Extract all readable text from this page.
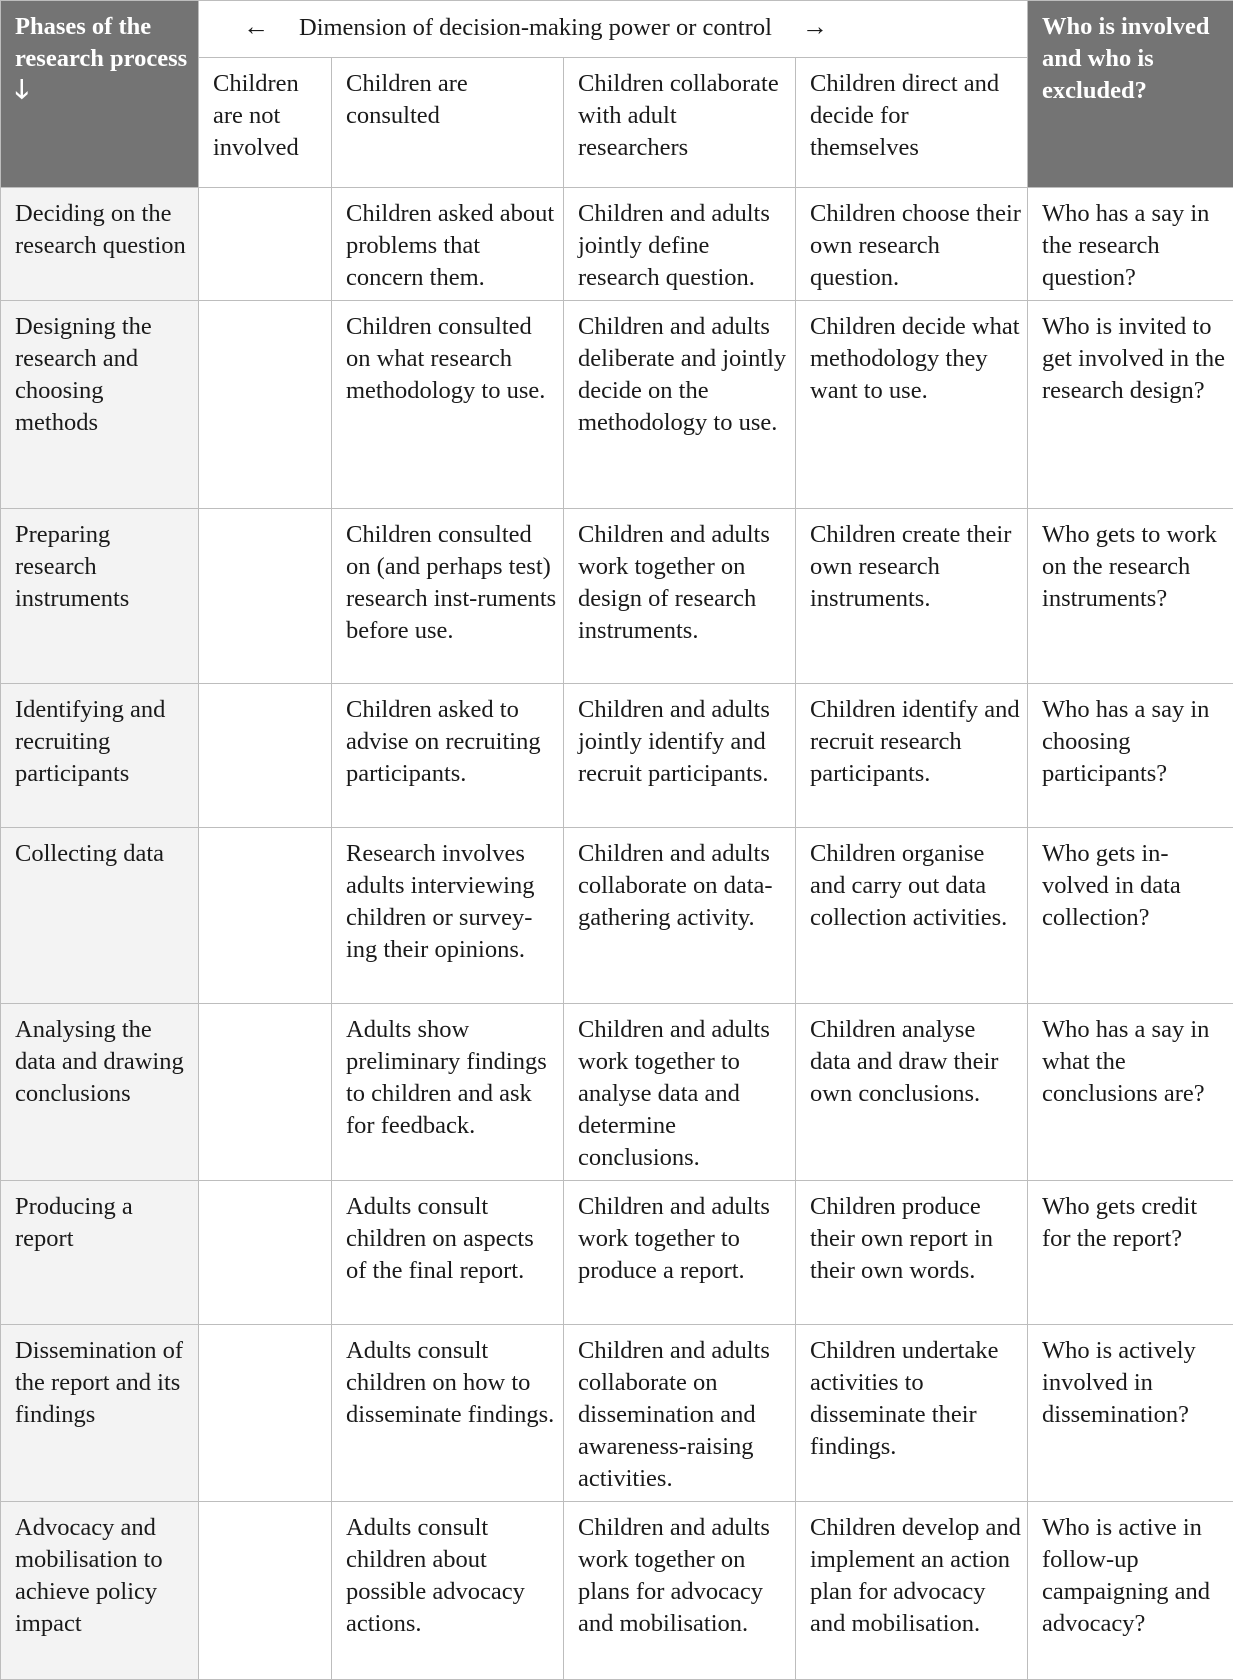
Phases of the research process
🡓	← Dimension of decision-making power or control →				Who is involved and who is excluded?
	Children are not involved	Children are consulted	Children collaborate with adult researchers	Children direct and decide for themselves	
Deciding on the research question		Children asked about problems that concern them.	Children and adults jointly define research question.	Children choose their own research question.	Who has a say in the research question?
Designing the research and choosing methods		Children consulted on what research methodology to use.	Children and adults deliberate and jointly decide on the methodology to use.	Children decide what methodology they want to use.	Who is invited to get involved in the research design?
Preparing research instruments		Children consulted on (and perhaps test) research inst-ruments before use.	Children and adults work together on design of research instruments.	Children create their own research instruments.	Who gets to work on the research instruments?
Identifying and recruiting participants		Children asked to advise on recruiting participants.	Children and adults jointly identify and recruit participants.	Children identify and recruit research participants.	Who has a say in choosing participants?
Collecting data		Research involves adults interviewing children or survey-ing their opinions.	Children and adults collaborate on data-gathering activity.	Children organise and carry out data collection activities.	Who gets in-volved in data collection?
Analysing the data and drawing conclusions		Adults show preliminary findings to children and ask for feedback.	Children and adults work together to analyse data and determine conclusions.	Children analyse data and draw their own conclusions.	Who has a say in what the conclusions are?
Producing a report		Adults consult children on aspects of the final report.	Children and adults work together to produce a report.	Children produce their own report in their own words.	Who gets credit for the report?
Dissemination of the report and its findings		Adults consult children on how to disseminate findings.	Children and adults collaborate on dissemination and awareness-raising activities.	Children undertake activities to disseminate their findings.	Who is actively involved in dissemination?
Advocacy and mobilisation to achieve policy impact		Adults consult children about possible advocacy actions.	Children and adults work together on plans for advocacy and mobilisation.	Children develop and implement an action plan for advocacy and mobilisation.	Who is active in follow-up campaigning and advocacy?
